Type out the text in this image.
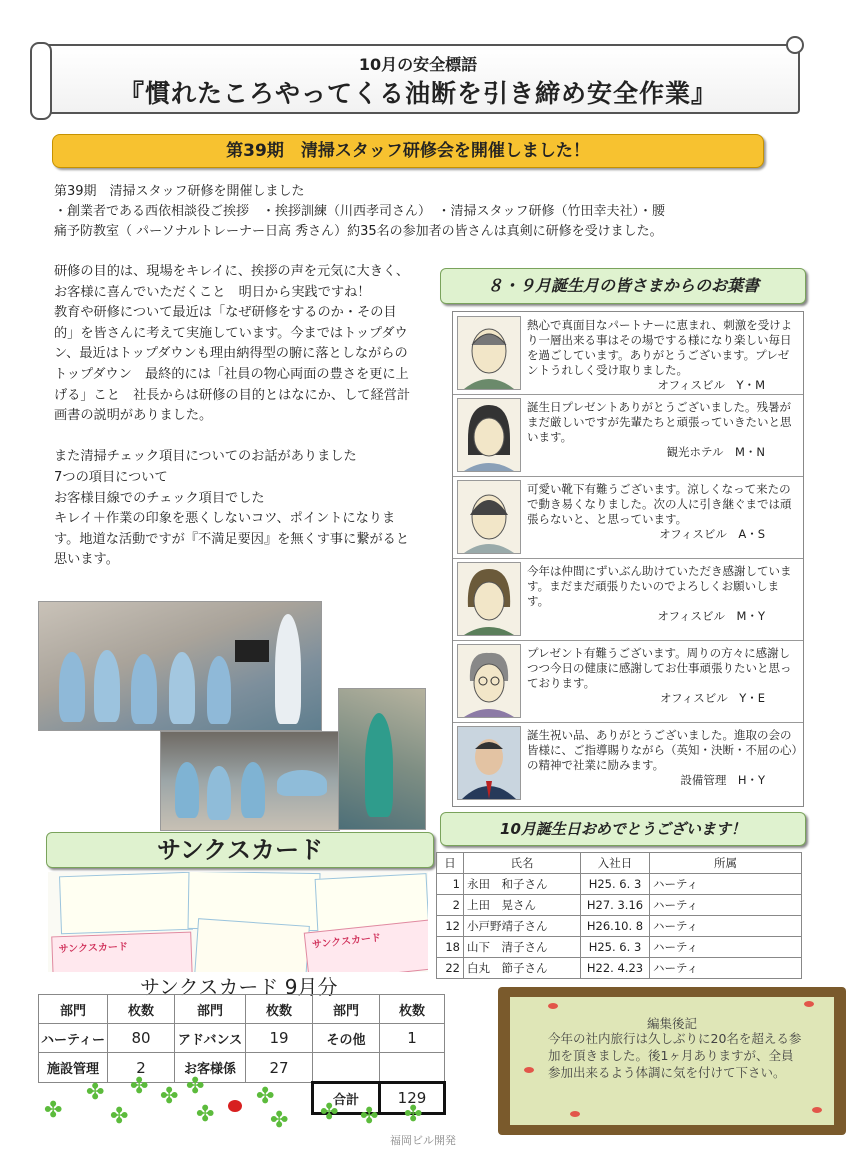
10月の安全標語
『慣れたころやってくる油断を引き締め安全作業』
第39期　清掃スタッフ研修会を開催しました！
第39期　清掃スタッフ研修を開催しました
・創業者である西依相談役ご挨拶　・挨拶訓練（川西孝司さん）　・清掃スタッフ研修（竹田幸夫社）・腰
痛予防教室（ パーソナルトレーナー日高 秀さん）約35名の参加者の皆さんは真剣に研修を受けました。

研修の目的は、現場をキレイに、挨拶の声を元気に大きく、お客様に喜んでいただくこと　明日から実践ですね！

教育や研修について最近は「なぜ研修をするのか・その目的」を皆さんに考えて実施しています。今まではトップダウン、最近はトップダウンも理由納得型の腑に落としながらのトップダウン　最終的には「社員の物心両面の豊さを更に上げる」こと　社長からは研修の目的とはなにか、して経営計画書の説明がありました。

また清掃チェック項目についてのお話がありました

7つの項目について

お客様目線でのチェック項目でした

キレイ＋作業の印象を悪くしないコツ、ポイントになります。地道な活動ですが『不満足要因』を無くす事に繋がると思います。

８・９月誕生月の皆さまからのお葉書
熱心で真面目なパートナーに恵まれ、刺激を受けより一層出来る事はその場でする様になり楽しい毎日を過ごしています。ありがとうございます。プレゼントうれしく受け取りました。
オフィスビル　Y・M
誕生日プレゼントありがとうございました。残暑がまだ厳しいですが先輩たちと頑張っていきたいと思います。
観光ホテル　M・N
可愛い靴下有難うございます。涼しくなって来たので動き易くなりました。次の人に引き継ぐまでは頑張らないと、と思っています。
オフィスビル　A・S
今年は仲間にずいぶん助けていただき感謝しています。まだまだ頑張りたいのでよろしくお願いします。
オフィスビル　M・Y
プレゼント有難うございます。周りの方々に感謝しつつ今日の健康に感謝してお仕事頑張りたいと思っております。
オフィスビル　Y・E
誕生祝い品、ありがとうございました。進取の会の皆様に、ご指導賜りながら（英知・決断・不屈の心）の精神で社業に励みます。
設備管理　H・Y
10月誕生日おめでとうございます！
日	氏名	入社日	所属
1	永田　和子さん	H25. 6. 3	ハーティ
2	上田　晃さん	H27. 3.16	ハーティ
12	小戸野靖子さん	H26.10. 8	ハーティ
18	山下　清子さん	H25. 6. 3	ハーティ
22	白丸　節子さん	H22. 4.23	ハーティ
サンクスカード
サンクスカード	サンクスカード
サンクスカード 9月分
部門	枚数	部門	枚数	部門	枚数
ハーティー	80	アドバンス	19	その他	1
施設管理	2	お客様係	27		
				合計	129
編集後記
今年の社内旅行は久しぶりに20名を超える参加を頂きました。後1ヶ月ありますが、全員参加出来るよう体調に気を付けて下さい。
✤ ✤ ✤ ✤
✤ ✤	✤
✤
✤ ✤ ✤ ✤
福岡ビル開発
